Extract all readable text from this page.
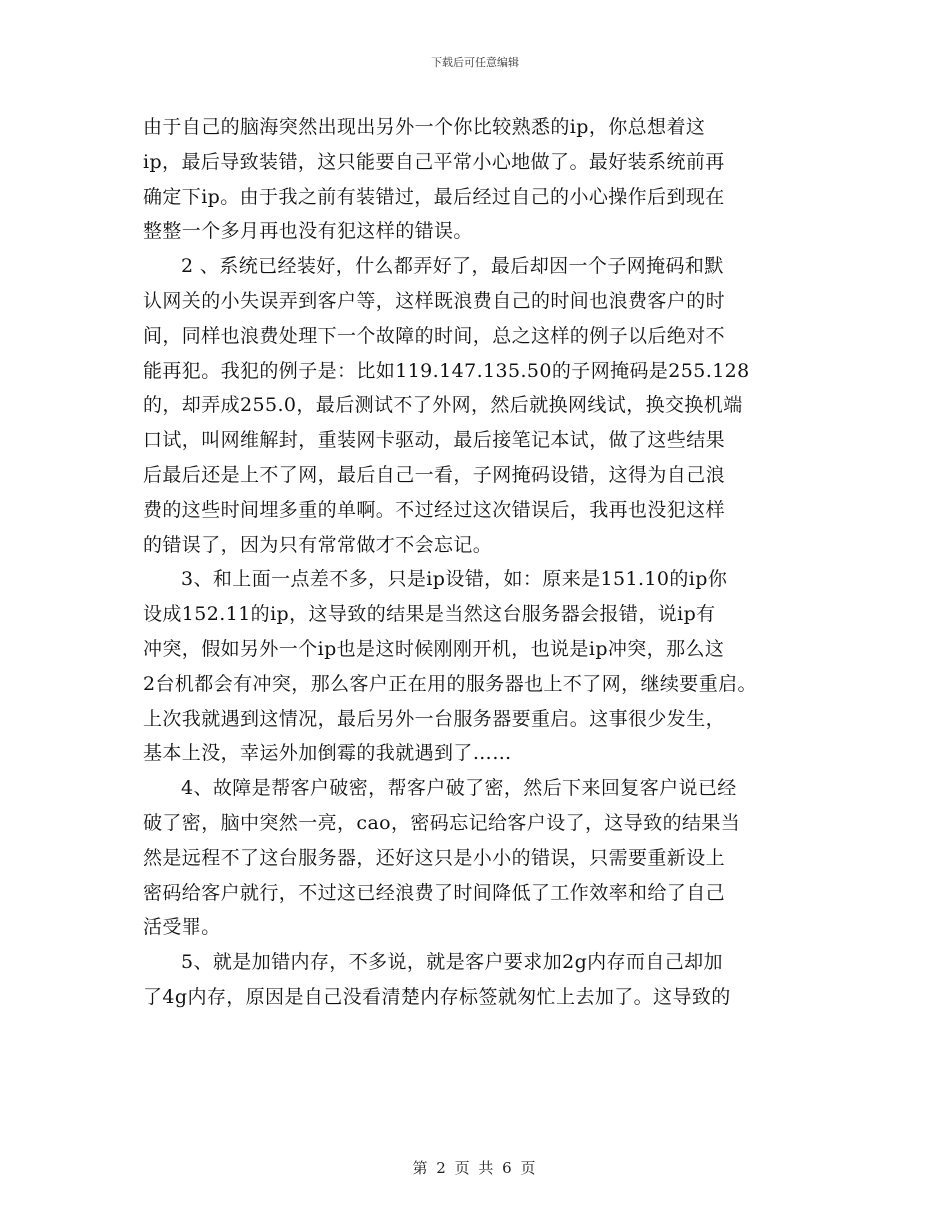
下载后可任意编辑
由于自己的脑海突然出现出另外一个你比较熟悉的ip，你总想着这
ip，最后导致装错，这只能要自己平常小心地做了。最好装系统前再
确定下ip。由于我之前有装错过，最后经过自己的小心操作后到现在
整整一个多月再也没有犯这样的错误。
2 、系统已经装好，什么都弄好了，最后却因一个子网掩码和默
认网关的小失误弄到客户等，这样既浪费自己的时间也浪费客户的时
间，同样也浪费处理下一个故障的时间，总之这样的例子以后绝对不
能再犯。我犯的例子是：比如119.147.135.50的子网掩码是255.128
的，却弄成255.0，最后测试不了外网，然后就换网线试，换交换机端
口试，叫网维解封，重装网卡驱动，最后接笔记本试，做了这些结果
后最后还是上不了网，最后自己一看，子网掩码设错，这得为自己浪
费的这些时间埋多重的单啊。不过经过这次错误后，我再也没犯这样
的错误了，因为只有常常做才不会忘记。
3、和上面一点差不多，只是ip设错，如：原来是151.10的ip你
设成152.11的ip，这导致的结果是当然这台服务器会报错，说ip有
冲突，假如另外一个ip也是这时候刚刚开机，也说是ip冲突，那么这
2台机都会有冲突，那么客户正在用的服务器也上不了网，继续要重启。
上次我就遇到这情况，最后另外一台服务器要重启。这事很少发生，
基本上没，幸运外加倒霉的我就遇到了……
4、故障是帮客户破密，帮客户破了密，然后下来回复客户说已经
破了密，脑中突然一亮，cao，密码忘记给客户设了，这导致的结果当
然是远程不了这台服务器，还好这只是小小的错误，只需要重新设上
密码给客户就行，不过这已经浪费了时间降低了工作效率和给了自己
活受罪。
5、就是加错内存，不多说，就是客户要求加2g内存而自己却加
了4g内存，原因是自己没看清楚内存标签就匆忙上去加了。这导致的
第 2 页 共 6 页
